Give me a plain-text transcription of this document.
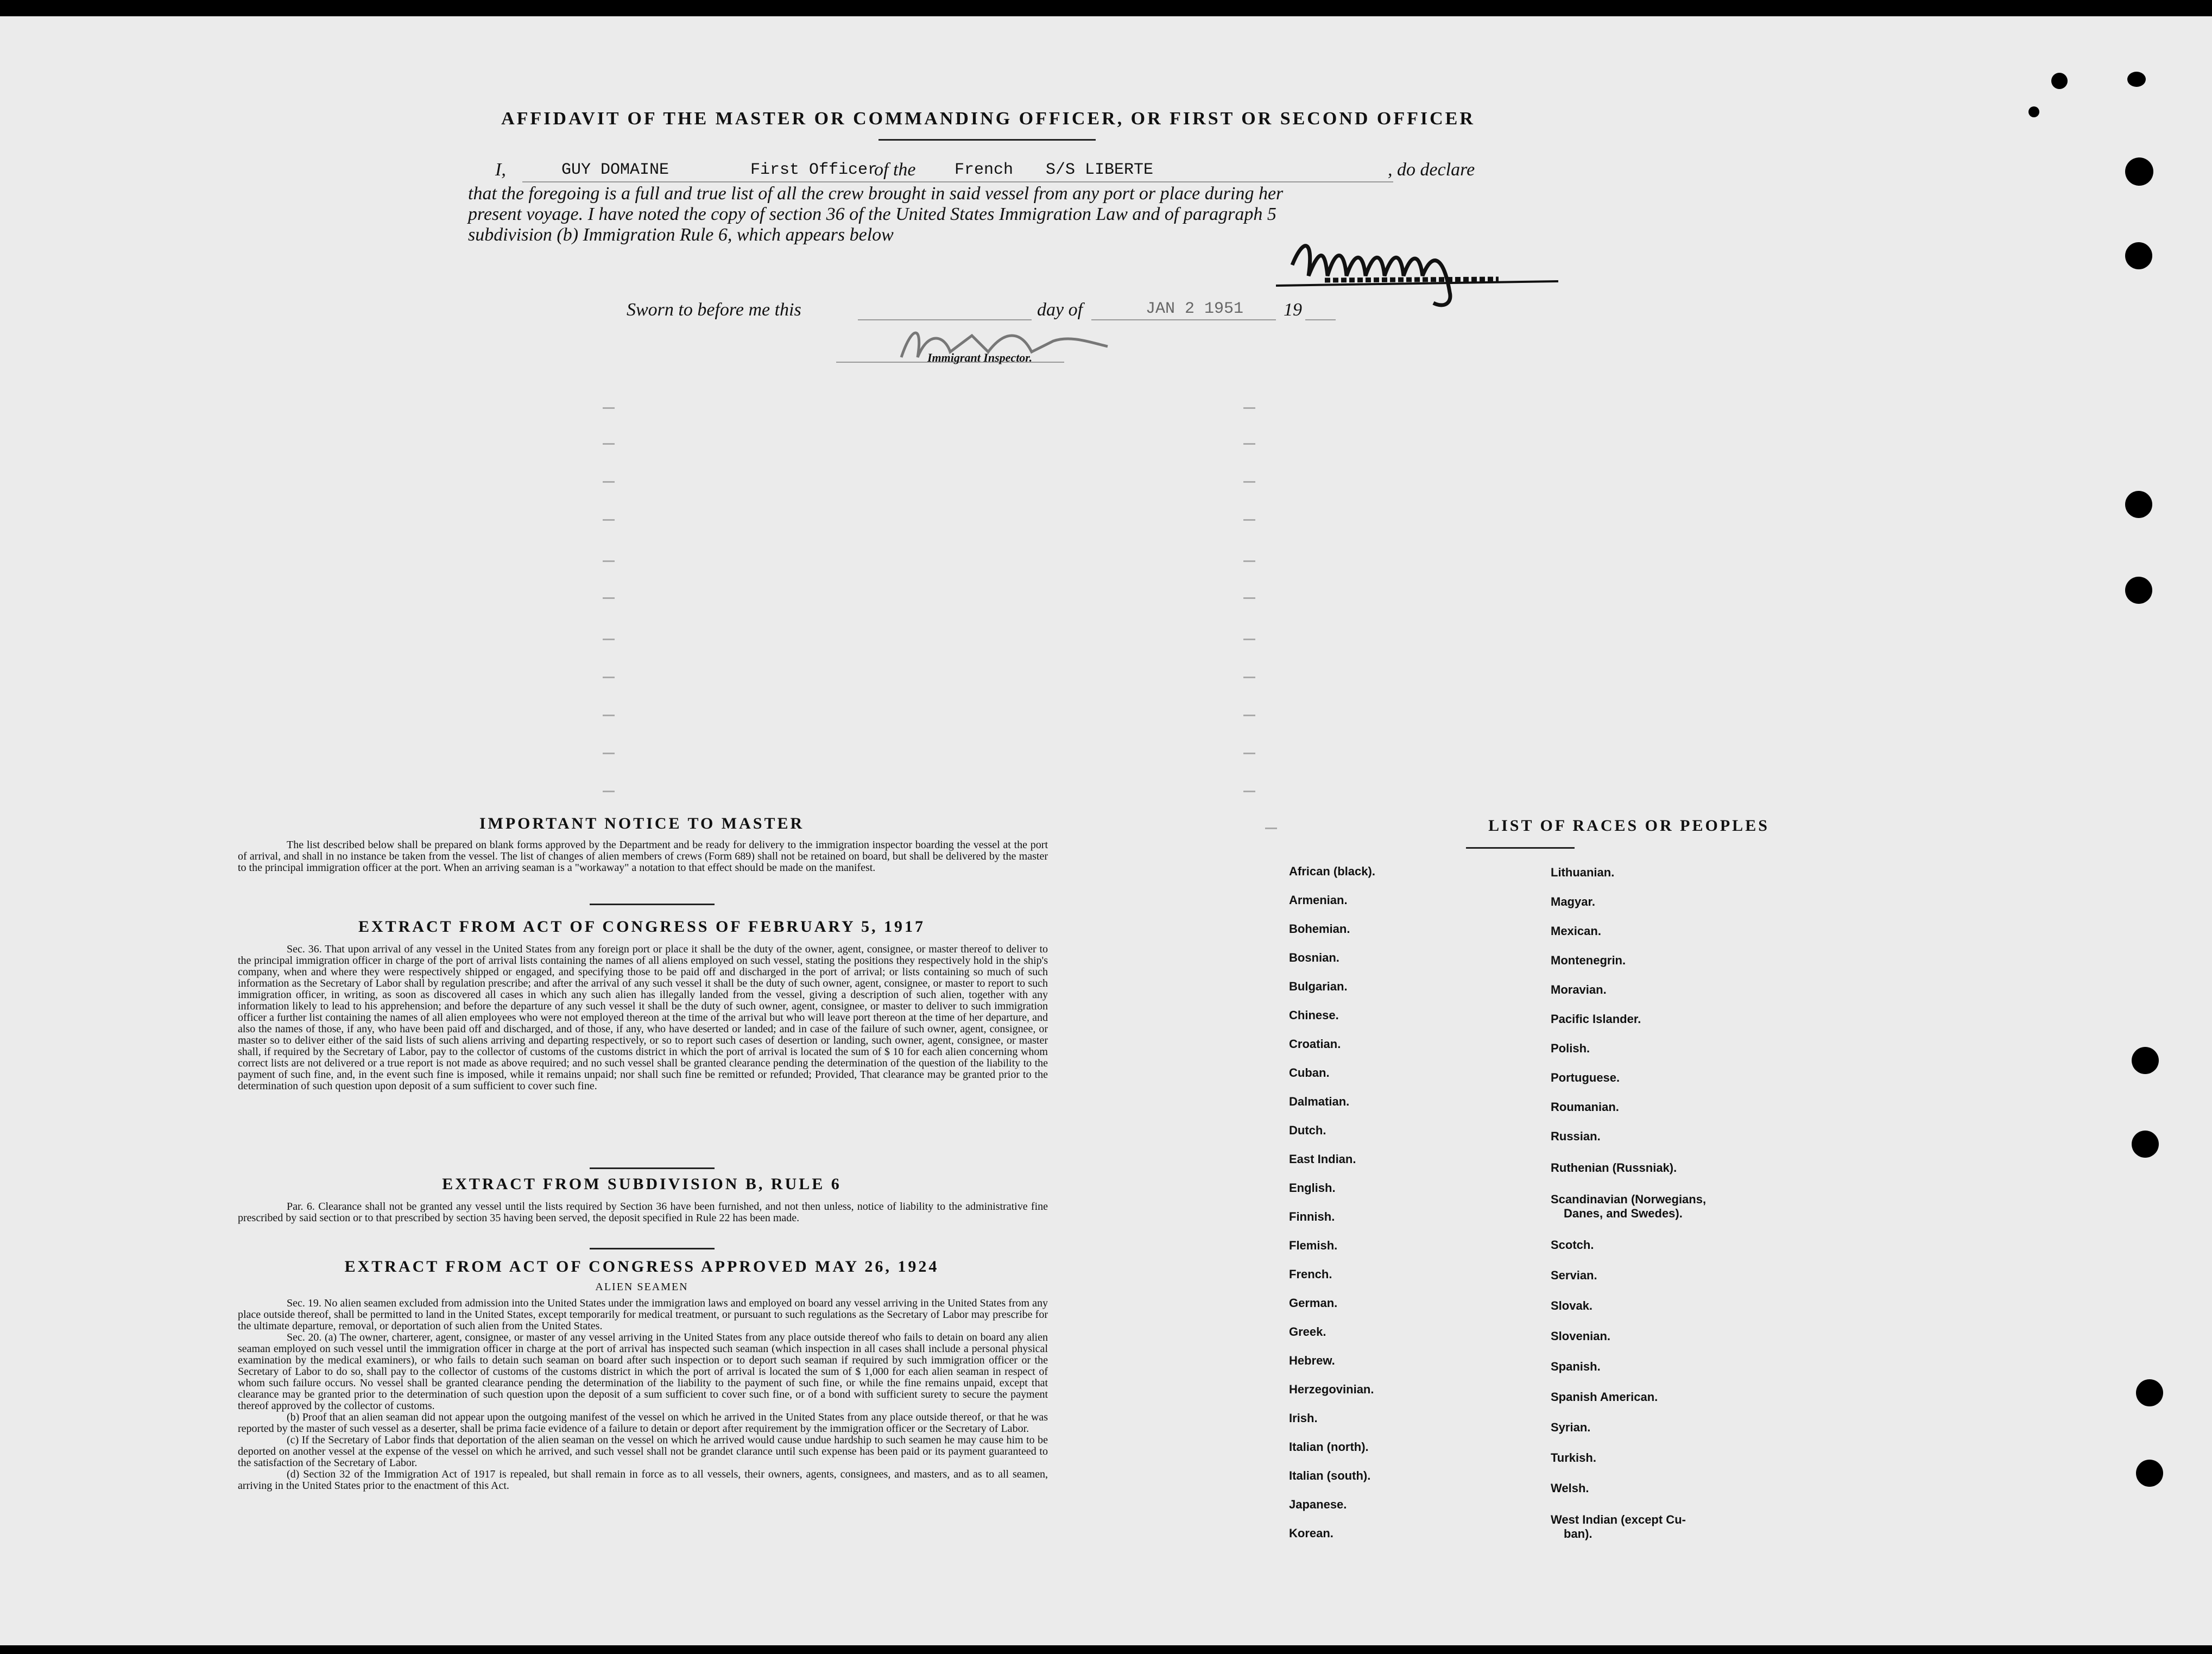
AFFIDAVIT OF THE MASTER OR COMMANDING OFFICER, OR FIRST OR SECOND OFFICER
I,	GUY DOMAINE	First Officer
of the French S/S LIBERTE	, do declare
that the foregoing is a full and true list of all the crew brought in said vessel from any port or place during her
present voyage. I have noted the copy of section 36 of the United States Immigration Law and of paragraph 5
subdivision (b) Immigration Rule 6, which appears below
Sworn to before me this	day of	JAN 2 1951 19
Immigrant Inspector.
IMPORTANT NOTICE TO MASTER
The list described below shall be prepared on blank forms approved by the Department and be ready for delivery to the immigration inspector boarding the vessel at the port of arrival, and shall in no instance be taken from the vessel. The list of changes of alien members of crews (Form 689) shall not be retained on board, but shall be delivered by the master to the principal immigration officer at the port. When an arriving seaman is a "workaway" a notation to that effect should be made on the manifest.
EXTRACT FROM ACT OF CONGRESS OF FEBRUARY 5, 1917
Sec. 36. That upon arrival of any vessel in the United States from any foreign port or place it shall be the duty of the owner, agent, consignee, or master thereof to deliver to the principal immigration officer in charge of the port of arrival lists containing the names of all aliens employed on such vessel, stating the positions they respectively hold in the ship's company, when and where they were respectively shipped or engaged, and specifying those to be paid off and discharged in the port of arrival; or lists containing so much of such information as the Secretary of Labor shall by regulation prescribe; and after the arrival of any such vessel it shall be the duty of such owner, agent, consignee, or master to report to such immigration officer, in writing, as soon as discovered all cases in which any such alien has illegally landed from the vessel, giving a description of such alien, together with any information likely to lead to his apprehension; and before the departure of any such vessel it shall be the duty of such owner, agent, consignee, or master to deliver to such immigration officer a further list containing the names of all alien employees who were not employed thereon at the time of the arrival but who will leave port thereon at the time of her departure, and also the names of those, if any, who have been paid off and discharged, and of those, if any, who have deserted or landed; and in case of the failure of such owner, agent, consignee, or master so to deliver either of the said lists of such aliens arriving and departing respectively, or so to report such cases of desertion or landing, such owner, agent, consignee, or master shall, if required by the Secretary of Labor, pay to the collector of customs of the customs district in which the port of arrival is located the sum of $ 10 for each alien concerning whom correct lists are not delivered or a true report is not made as above required; and no such vessel shall be granted clearance pending the determination of the question of the liability to the payment of such fine, and, in the event such fine is imposed, while it remains unpaid; nor shall such fine be remitted or refunded; Provided, That clearance may be granted prior to the determination of such question upon deposit of a sum sufficient to cover such fine.
EXTRACT FROM SUBDIVISION B, RULE 6
Par. 6. Clearance shall not be granted any vessel until the lists required by Section 36 have been furnished, and not then unless, notice of liability to the administrative fine prescribed by said section or to that prescribed by section 35 having been served, the deposit specified in Rule 22 has been made.
EXTRACT FROM ACT OF CONGRESS APPROVED MAY 26, 1924
ALIEN SEAMEN
Sec. 19. No alien seamen excluded from admission into the United States under the immigration laws and employed on board any vessel arriving in the United States from any place outside thereof, shall be permitted to land in the United States, except temporarily for medical treatment, or pursuant to such regulations as the Secretary of Labor may prescribe for the ultimate departure, removal, or deportation of such alien from the United States.
Sec. 20. (a) The owner, charterer, agent, consignee, or master of any vessel arriving in the United States from any place outside thereof who fails to detain on board any alien seaman employed on such vessel until the immigration officer in charge at the port of arrival has inspected such seaman (which inspection in all cases shall include a personal physical examination by the medical examiners), or who fails to detain such seaman on board after such inspection or to deport such seaman if required by such immigration officer or the Secretary of Labor to do so, shall pay to the collector of customs of the customs district in which the port of arrival is located the sum of $ 1,000 for each alien seaman in respect of whom such failure occurs. No vessel shall be granted clearance pending the determination of the liability to the payment of such fine, or while the fine remains unpaid, except that clearance may be granted prior to the determination of such question upon the deposit of a sum sufficient to cover such fine, or of a bond with sufficient surety to secure the payment thereof approved by the collector of customs.
(b) Proof that an alien seaman did not appear upon the outgoing manifest of the vessel on which he arrived in the United States from any place outside thereof, or that he was reported by the master of such vessel as a deserter, shall be prima facie evidence of a failure to detain or deport after requirement by the immigration officer or the Secretary of Labor.
(c) If the Secretary of Labor finds that deportation of the alien seaman on the vessel on which he arrived would cause undue hardship to such seamen he may cause him to be deported on another vessel at the expense of the vessel on which he arrived, and such vessel shall not be grandet clarance until such expense has been paid or its payment guaranteed to the satisfaction of the Secretary of Labor.
(d) Section 32 of the Immigration Act of 1917 is repealed, but shall remain in force as to all vessels, their owners, agents, consignees, and masters, and as to all seamen, arriving in the United States prior to the enactment of this Act.
LIST OF RACES OR PEOPLES
African (black).
Armenian.
Bohemian.
Bosnian.
Bulgarian.
Chinese.
Croatian.
Cuban.
Dalmatian.
Dutch.
East Indian.
English.
Finnish.
Flemish.
French.
German.
Greek.
Hebrew.
Herzegovinian.
Irish.
Italian (north).
Italian (south).
Japanese.
Korean.
Lithuanian.
Magyar.
Mexican.
Montenegrin.
Moravian.
Pacific Islander.
Polish.
Portuguese.
Roumanian.
Russian.
Ruthenian (Russniak).
Scandinavian (Norwegians,
Danes, and Swedes).
Scotch.
Servian.
Slovak.
Slovenian.
Spanish.
Spanish American.
Syrian.
Turkish.
Welsh.
West Indian (except Cu-
ban).
